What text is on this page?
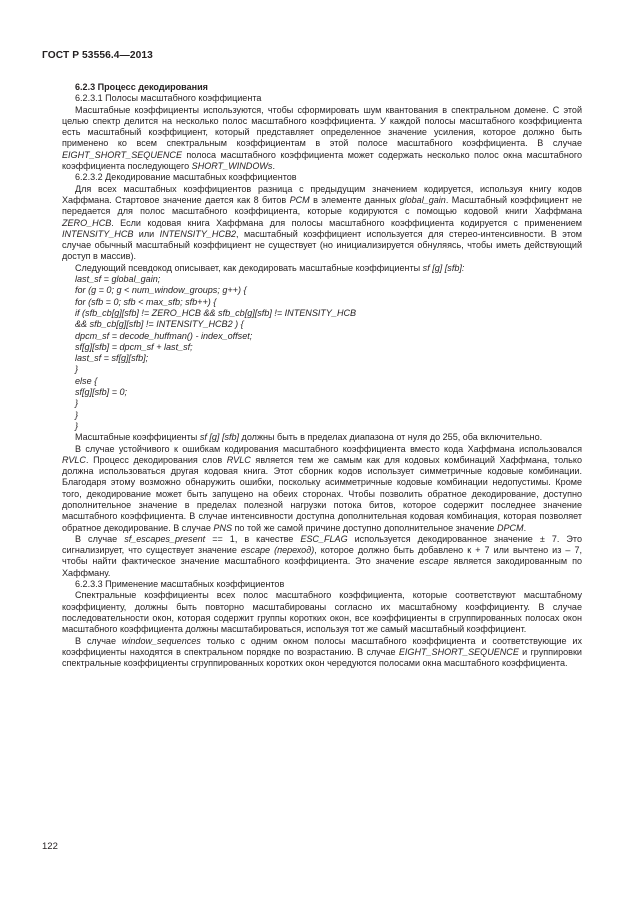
ГОСТ Р 53556.4—2013

6.2.3 Процесс декодирования

6.2.3.1 Полосы масштабного коэффициента

Масштабные коэффициенты используются, чтобы сформировать шум квантования в спектральном домене. С этой целью спектр делится на несколько полос масштабного коэффициента. У каждой полосы масштабного коэффициента есть масштабный коэффициент, который представляет определенное значение усиления, которое должно быть применено ко всем спектральным коэффициентам в этой полосе масштабного коэффициента. В случае EIGHT_SHORT_SEQUENCE полоса масштабного коэффициента может содержать несколько полос окна масштабного коэффициента последующего SHORT_WINDOWs.

6.2.3.2 Декодирование масштабных коэффициентов

Для всех масштабных коэффициентов разница с предыдущим значением кодируется, используя книгу кодов Хаффмана. Стартовое значение дается как 8 битов PCM в элементе данных global_gain. Масштабный коэффициент не передается для полос масштабного коэффициента, которые кодируются с помощью кодовой книги Хаффмана ZERO_HCB. Если кодовая книга Хаффмана для полосы масштабного коэффициента кодируется с применением INTENSITY_HCB или INTENSITY_HCB2, масштабный коэффициент используется для стерео-интенсивности. В этом случае обычный масштабный коэффициент не существует (но инициализируется обнуляясь, чтобы иметь действующий доступ в массив).

Следующий псевдокод описывает, как декодировать масштабные коэффициенты sf [g] [sfb]:

last_sf = global_gain;

for (g = 0; g < num_window_groups; g++) {

for (sfb = 0; sfb < max_sfb; sfb++) {

if (sfb_cb[g][sfb] != ZERO_HCB && sfb_cb[g][sfb] != INTENSITY_HCB

&& sfb_cb[g][sfb] != INTENSITY_HCB2 ) {

dpcm_sf = decode_huffman() - index_offset;

sf[g][sfb] = dpcm_sf + last_sf;

last_sf = sf[g][sfb];

}

else {

sf[g][sfb] = 0;

}

}

}

Масштабные коэффициенты sf [g] [sfb] должны быть в пределах диапазона от нуля до 255, оба включительно.

В случае устойчивого к ошибкам кодирования масштабного коэффициента вместо кода Хаффмана использовался RVLC. Процесс декодирования слов RVLC является тем же самым как для кодовых комбинаций Хаффмана, только должна использоваться другая кодовая книга. Этот сборник кодов использует симметричные кодовые комбинации. Благодаря этому возможно обнаружить ошибки, поскольку асимметричные кодовые комбинации недопустимы. Кроме того, декодирование может быть запущено на обеих сторонах. Чтобы позволить обратное декодирование, доступно дополнительное значение в пределах полезной нагрузки потока битов, которое содержит последнее значение масштабного коэффициента. В случае интенсивности доступна дополнительная кодовая комбинация, которая позволяет обратное декодирование. В случае PNS по той же самой причине доступно дополнительное значение DPCM.

В случае sf_escapes_present == 1, в качестве ESC_FLAG используется декодированное значение ± 7. Это сигнализирует, что существует значение escape (переход), которое должно быть добавлено к + 7 или вычтено из – 7, чтобы найти фактическое значение масштабного коэффициента. Это значение escape является закодированным по Хаффману.

6.2.3.3 Применение масштабных коэффициентов

Спектральные коэффициенты всех полос масштабного коэффициента, которые соответствуют масштабному коэффициенту, должны быть повторно масштабированы согласно их масштабному коэффициенту. В случае последовательности окон, которая содержит группы коротких окон, все коэффициенты в сгруппированных полосах окон масштабного коэффициента должны масштабироваться, используя тот же самый масштабный коэффициент.

В случае window_sequences только с одним окном полосы масштабного коэффициента и соответствующие их коэффициенты находятся в спектральном порядке по возрастанию. В случае EIGHT_SHORT_SEQUENCE и группировки спектральные коэффициенты сгруппированных коротких окон чередуются полосами окна масштабного коэффициента.

122
